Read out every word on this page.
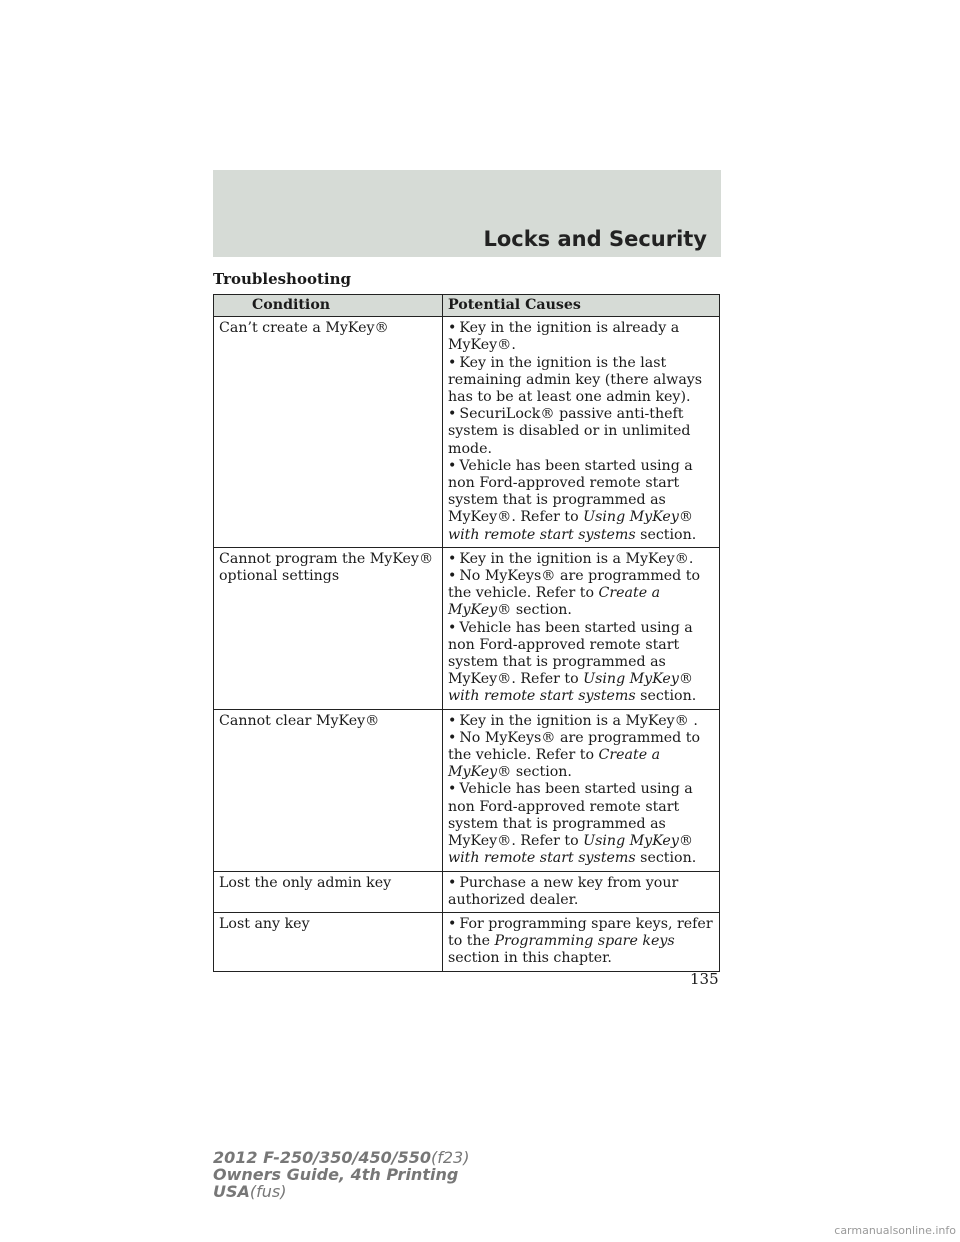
Locks and Security
Troubleshooting
Condition	Potential Causes
Can’t create a MyKey®	• Key in the ignition is already a MyKey®.
• Key in the ignition is the last remaining admin key (there always has to be at least one admin key).
• SecuriLock® passive anti-theft system is disabled or in unlimited mode.
• Vehicle has been started using a non Ford-approved remote start system that is programmed as MyKey®. Refer to Using MyKey® with remote start systems section.

Cannot program the MyKey® optional settings	• Key in the ignition is a MyKey®.
• No MyKeys® are programmed to the vehicle. Refer to Create a MyKey® section.
• Vehicle has been started using a non Ford-approved remote start system that is programmed as MyKey®. Refer to Using MyKey® with remote start systems section.

Cannot clear MyKey®	• Key in the ignition is a MyKey® .
• No MyKeys® are programmed to the vehicle. Refer to Create a MyKey® section.
• Vehicle has been started using a non Ford-approved remote start system that is programmed as MyKey®. Refer to Using MyKey® with remote start systems section.

Lost the only admin key	• Purchase a new key from your authorized dealer.

Lost any key	• For programming spare keys, refer to the Programming spare keys section in this chapter.
135
2012 F-250/350/450/550(f23)
Owners Guide, 4th Printing
USA(fus)
carmanualsonline.info
